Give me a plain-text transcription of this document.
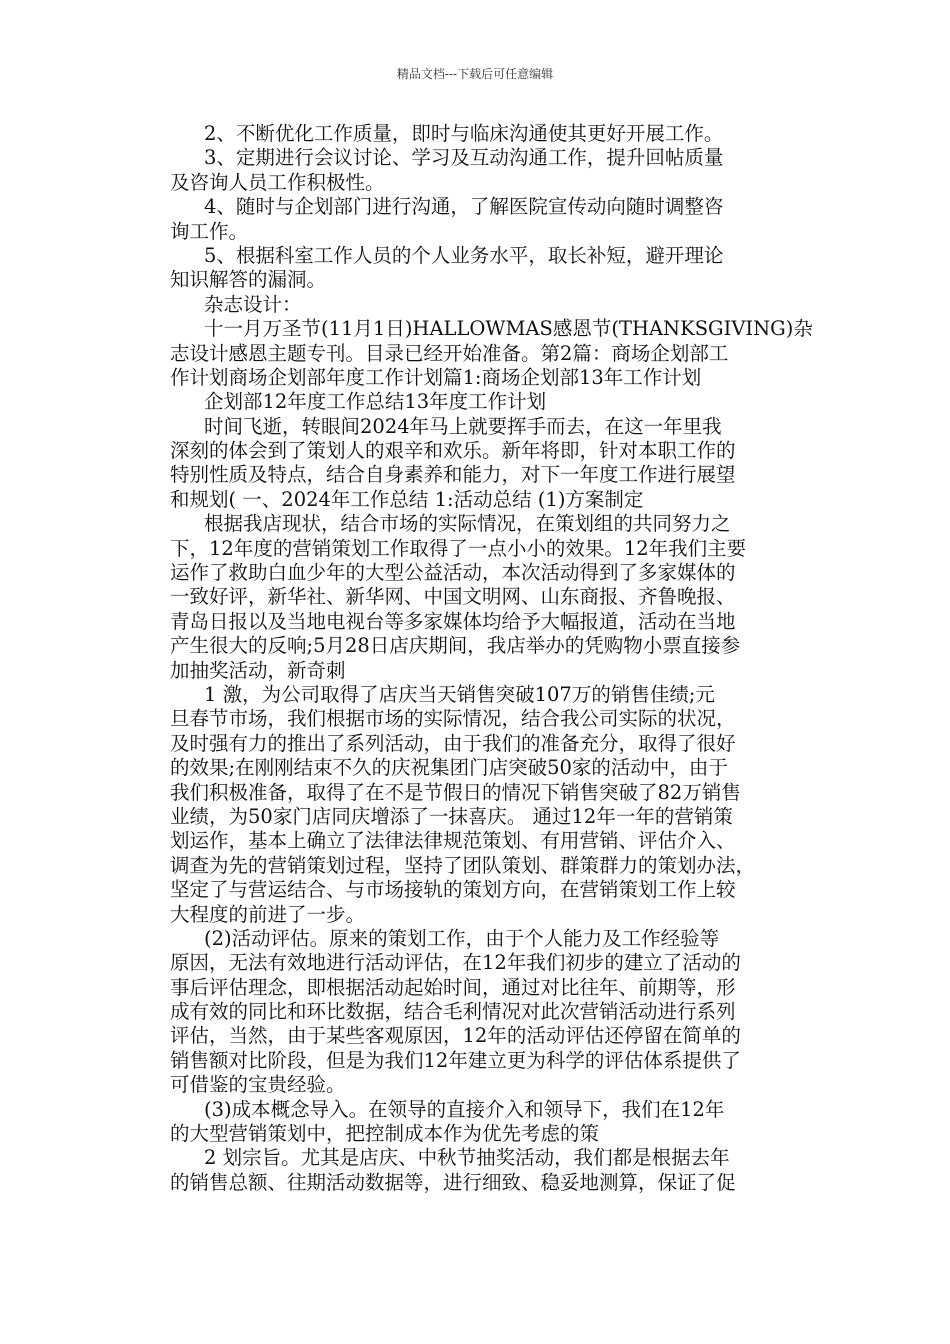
精品文档---下载后可任意编辑
2、不断优化工作质量，即时与临床沟通使其更好开展工作。
3、定期进行会议讨论、学习及互动沟通工作，提升回帖质量
及咨询人员工作积极性。
4、随时与企划部门进行沟通，了解医院宣传动向随时调整咨
询工作。
5、根据科室工作人员的个人业务水平，取长补短，避开理论
知识解答的漏洞。
杂志设计：
十一月万圣节(11月1日)HALLOWMAS感恩节(THANKSGIVING)杂
志设计感恩主题专刊。目录已经开始准备。第2篇：商场企划部工
作计划商场企划部年度工作计划篇1:商场企划部13年工作计划
企划部12年度工作总结13年度工作计划
时间飞逝，转眼间2024年马上就要挥手而去，在这一年里我
深刻的体会到了策划人的艰辛和欢乐。新年将即，针对本职工作的
特别性质及特点，结合自身素养和能力，对下一年度工作进行展望
和规划( 一、2024年工作总结 1:活动总结 (1)方案制定
根据我店现状，结合市场的实际情况，在策划组的共同努力之
下，12年度的营销策划工作取得了一点小小的效果。12年我们主要
运作了救助白血少年的大型公益活动，本次活动得到了多家媒体的
一致好评，新华社、新华网、中国文明网、山东商报、齐鲁晚报、
青岛日报以及当地电视台等多家媒体均给予大幅报道，活动在当地
产生很大的反响;5月28日店庆期间，我店举办的凭购物小票直接参
加抽奖活动，新奇刺
1 激，为公司取得了店庆当天销售突破107万的销售佳绩;元
旦春节市场，我们根据市场的实际情况，结合我公司实际的状况，
及时强有力的推出了系列活动，由于我们的准备充分，取得了很好
的效果;在刚刚结束不久的庆祝集团门店突破50家的活动中，由于
我们积极准备，取得了在不是节假日的情况下销售突破了82万销售
业绩，为50家门店同庆增添了一抹喜庆。 通过12年一年的营销策
划运作，基本上确立了法律法律规范策划、有用营销、评估介入、
调查为先的营销策划过程，坚持了团队策划、群策群力的策划办法，
坚定了与营运结合、与市场接轨的策划方向，在营销策划工作上较
大程度的前进了一步。
(2)活动评估。原来的策划工作，由于个人能力及工作经验等
原因，无法有效地进行活动评估，在12年我们初步的建立了活动的
事后评估理念，即根据活动起始时间，通过对比往年、前期等，形
成有效的同比和环比数据，结合毛利情况对此次营销活动进行系列
评估，当然，由于某些客观原因，12年的活动评估还停留在简单的
销售额对比阶段，但是为我们12年建立更为科学的评估体系提供了
可借鉴的宝贵经验。
(3)成本概念导入。在领导的直接介入和领导下，我们在12年
的大型营销策划中，把控制成本作为优先考虑的策
2 划宗旨。尤其是店庆、中秋节抽奖活动，我们都是根据去年
的销售总额、往期活动数据等，进行细致、稳妥地测算，保证了促
